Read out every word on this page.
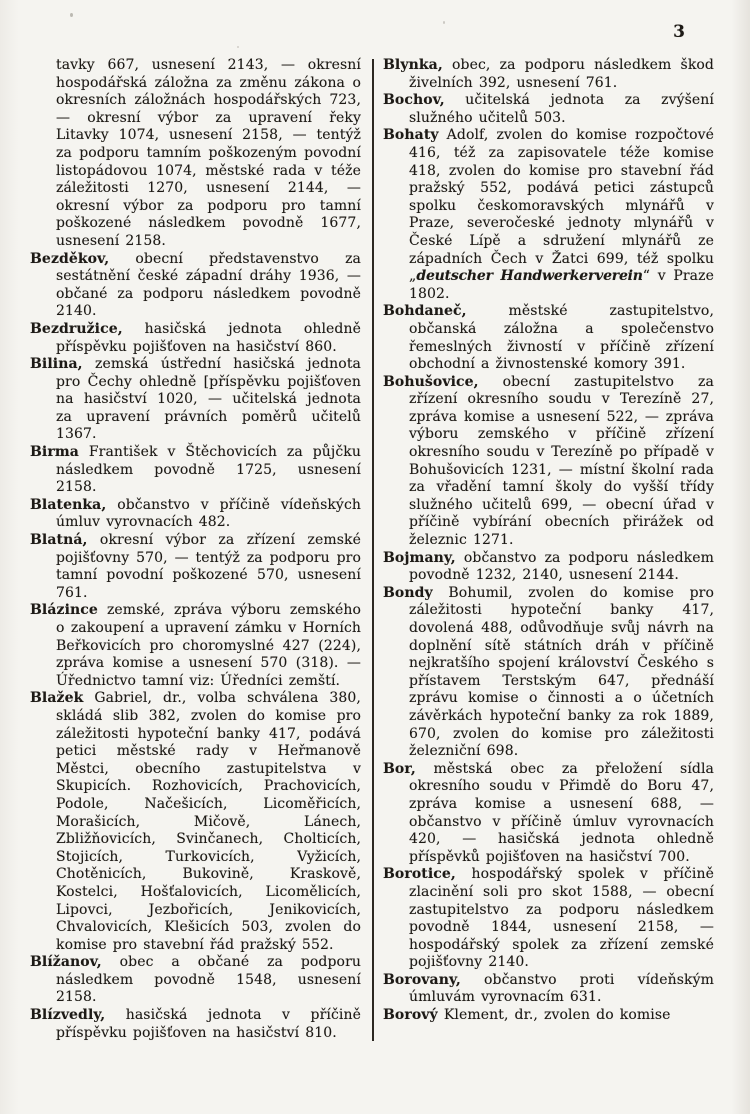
3

tavky 667, usnesení 2143, — okresní hospodářská záložna za změnu zákona o okresních záložnách hospodářských 723, — okresní výbor za upravení řeky Litavky 1074, usnesení 2158, — tentýž za podporu tamním poškozeným povodní listopádovou 1074, městské rada v téže záležitosti 1270, usnesení 2144, — okresní výbor za podporu pro tamní poškozené následkem povodně 1677, usnesení 2158.

Bezděkov, obecní představenstvo za sestátnění české západní dráhy 1936, — občané za podporu následkem povodně 2140.

Bezdružice, hasičská jednota ohledně příspěvku pojišťoven na hasičství 860.

Bilina, zemská ústřední hasičská jednota pro Čechy ohledně [příspěvku pojišťoven na hasičství 1020, — učitelská jednota za upravení právních poměrů učitelů 1367.

Birma František v Štěchovicích za půjčku následkem povodně 1725, usnesení 2158.

Blatenka, občanstvo v příčině vídeňských úmluv vyrovnacích 482.

Blatná, okresní výbor za zřízení zemské pojišťovny 570, — tentýž za podporu pro tamní povodní poškozené 570, usnesení 761.

Blázince zemské, zpráva výboru zemského o zakoupení a upravení zámku v Horních Beřkovicích pro choromyslné 427 (224), zpráva komise a usnesení 570 (318). — Úřednictvo tamní viz: Úředníci zemští.

Blažek Gabriel, dr., volba schválena 380, skládá slib 382, zvolen do komise pro záležitosti hypoteční banky 417, podává petici městské rady v Heřmanově Městci, obecního zastupitelstva v Skupicích. Rozhovicích, Prachovicích, Podole, Načešicích, Licoměřicích, Morašicích, Mičově, Lánech, Zbližňovicích, Svinčanech, Cholticích, Stojicích, Turkovicích, Vyžicích, Chotěnicích, Bukovině, Kraskově, Kostelci, Hošťalovicích, Licomělicích, Lipovci, Jezbořicích, Jenikovicích, Chvalovicích, Klešicích 503, zvolen do komise pro stavební řád pražský 552.

Blížanov, obec a občané za podporu následkem povodně 1548, usnesení 2158.

Blízvedly, hasičská jednota v příčině příspěvku pojišťoven na hasičství 810.

Blynka, obec, za podporu následkem škod živelních 392, usnesení 761.

Bochov, učitelská jednota za zvýšení služného učitelů 503.

Bohaty Adolf, zvolen do komise rozpočtové 416, též za zapisovatele téže komise 418, zvolen do komise pro stavební řád pražský 552, podává petici zástupců spolku českomoravských mlynářů v Praze, severočeské jednoty mlynářů v České Lípě a sdružení mlynářů ze západních Čech v Žatci 699, též spolku „deutscher Handwerkerverein“ v Praze 1802.

Bohdaneč, městské zastupitelstvo, občanská záložna a společenstvo řemeslných živností v příčině zřízení obchodní a živnostenské komory 391.

Bohušovice, obecní zastupitelstvo za zřízení okresního soudu v Terezíně 27, zpráva komise a usnesení 522, — zpráva výboru zemského v příčině zřízení okresního soudu v Terezíně po případě v Bohušovicích 1231, — místní školní rada za vřadění tamní školy do vyšší třídy služného učitelů 699, — obecní úřad v příčině vybírání obecních přirážek od železnic 1271.

Bojmany, občanstvo za podporu následkem povodně 1232, 2140, usnesení 2144.

Bondy Bohumil, zvolen do komise pro záležitosti hypoteční banky 417, dovolená 488, odůvodňuje svůj návrh na doplnění sítě státních dráh v příčině nejkratšího spojení království Českého s přístavem Terstským 647, přednáší zprávu komise o činnosti a o účetních závěrkách hypoteční banky za rok 1889, 670, zvolen do komise pro záležitosti železniční 698.

Bor, městská obec za přeložení sídla okresního soudu v Přimdě do Boru 47, zpráva komise a usnesení 688, — občanstvo v příčině úmluv vyrovnacích 420, — hasičská jednota ohledně příspěvků pojišťoven na hasičství 700.

Borotice, hospodářský spolek v příčině zlacinění soli pro skot 1588, — obecní zastupitelstvo za podporu následkem povodně 1844, usnesení 2158, — hospodářský spolek za zřízení zemské pojišťovny 2140.

Borovany, občanstvo proti vídeňským úmluvám vyrovnacím 631.

Borový Klement, dr., zvolen do komise
